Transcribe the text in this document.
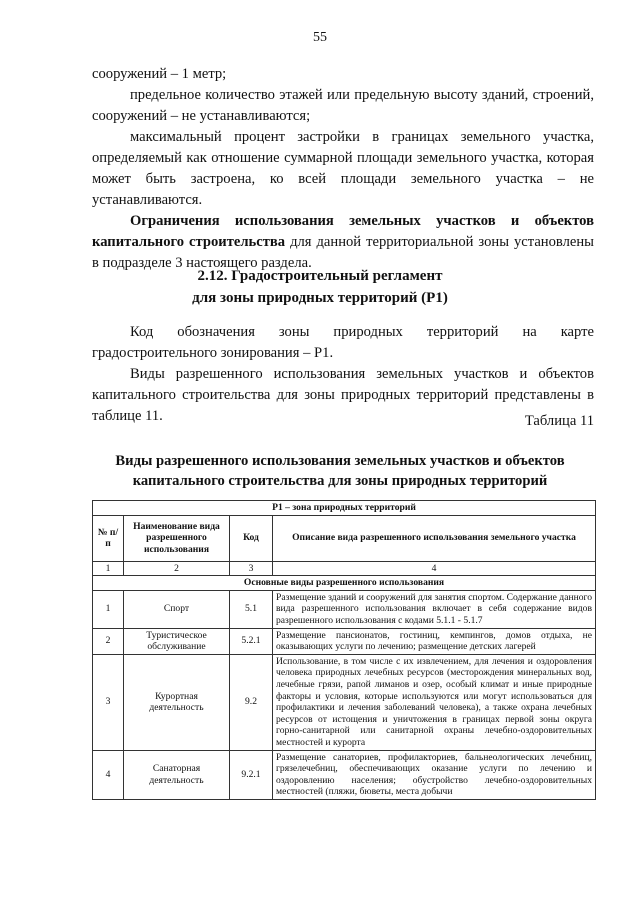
55

сооружений – 1 метр;

предельное количество этажей или предельную высоту зданий, строений, сооружений – не устанавливаются;

максимальный процент застройки в границах земельного участка, определяемый как отношение суммарной площади земельного участка, которая может быть застроена, ко всей площади земельного участка – не устанавливаются.

Ограничения использования земельных участков и объектов капитального строительства для данной территориальной зоны установлены в подразделе 3 настоящего раздела.

2.12. Градостроительный регламент
для зоны природных территорий (Р1)

Код обозначения зоны природных территорий на карте градостроительного зонирования – Р1.

Виды разрешенного использования земельных участков и объектов капитального строительства для зоны природных территорий представлены в таблице 11.	Таблица 11
Виды разрешенного использования земельных участков и объектов
капитального строительства для зоны природных территорий
Р1 – зона природных территорий			
№ п/п	Наименование вида разрешенного использования	Код	Описание вида разрешенного использования земельного участка
1	2	3	4
Основные виды разрешенного использования			
1	Спорт	5.1	Размещение зданий и сооружений для занятия спортом. Содержание данного вида разрешенного использования включает в себя содержание видов разрешенного использования с кодами 5.1.1 - 5.1.7
2	Туристическое обслуживание	5.2.1	Размещение пансионатов, гостиниц, кемпингов, домов отдыха, не оказывающих услуги по лечению; размещение детских лагерей
3	Курортная деятельность	9.2	Использование, в том числе с их извлечением, для лечения и оздоровления человека природных лечебных ресурсов (месторождения минеральных вод, лечебные грязи, рапой лиманов и озер, особый климат и иные природные факторы и условия, которые используются или могут использоваться для профилактики и лечения заболеваний человека), а также охрана лечебных ресурсов от истощения и уничтожения в границах первой зоны округа горно-санитарной или санитарной охраны лечебно-оздоровительных местностей и курорта
4	Санаторная деятельность	9.2.1	Размещение санаториев, профилакториев, бальнеологических лечебниц, грязелечебниц, обеспечивающих оказание услуги по лечению и оздоровлению населения; обустройство лечебно-оздоровительных местностей (пляжи, бюветы, места добычи
